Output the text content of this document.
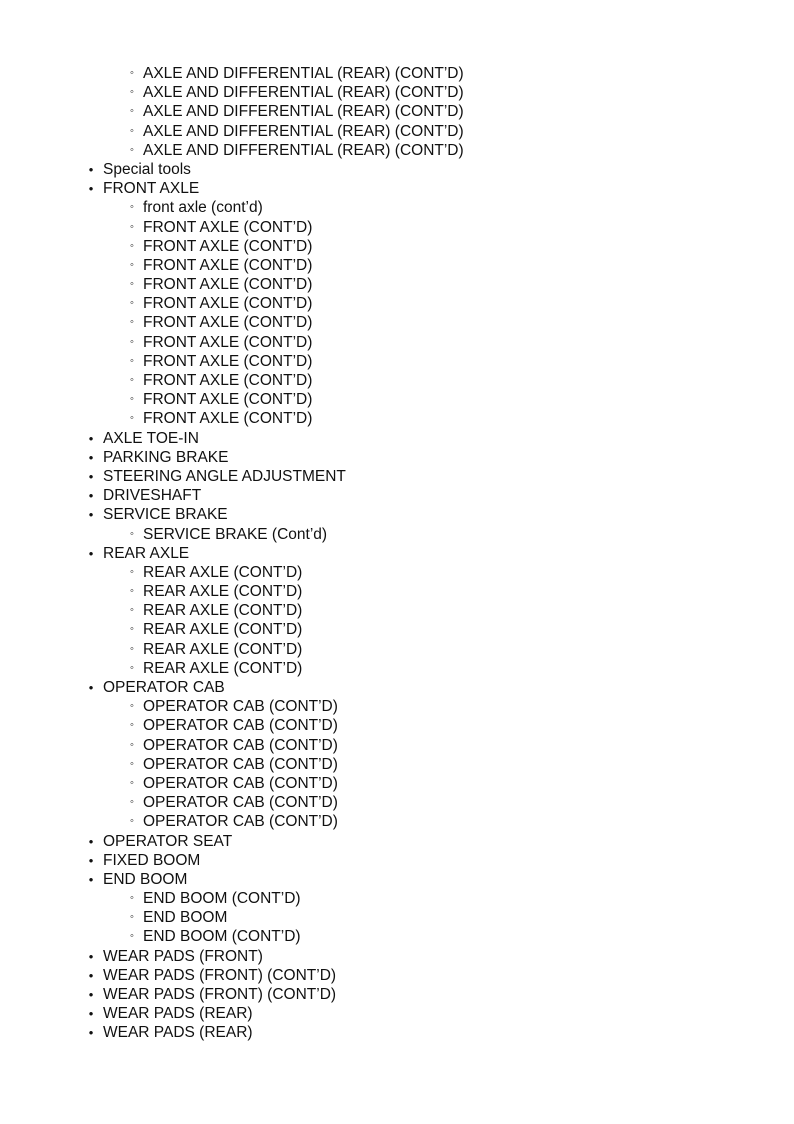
◦ AXLE AND DIFFERENTIAL (REAR) (CONT’D)
◦ AXLE AND DIFFERENTIAL (REAR) (CONT’D)
◦ AXLE AND DIFFERENTIAL (REAR) (CONT’D)
◦ AXLE AND DIFFERENTIAL (REAR) (CONT’D)
◦ AXLE AND DIFFERENTIAL (REAR) (CONT’D)
• Special tools
• FRONT AXLE
◦ front axle (cont’d)
◦ FRONT AXLE (CONT’D)
◦ FRONT AXLE (CONT’D)
◦ FRONT AXLE (CONT’D)
◦ FRONT AXLE (CONT’D)
◦ FRONT AXLE (CONT’D)
◦ FRONT AXLE (CONT’D)
◦ FRONT AXLE (CONT’D)
◦ FRONT AXLE (CONT’D)
◦ FRONT AXLE (CONT’D)
◦ FRONT AXLE (CONT’D)
◦ FRONT AXLE (CONT’D)
• AXLE TOE-IN
• PARKING BRAKE
• STEERING ANGLE ADJUSTMENT
• DRIVESHAFT
• SERVICE BRAKE
◦ SERVICE BRAKE (Cont’d)
• REAR AXLE
◦ REAR AXLE (CONT’D)
◦ REAR AXLE (CONT’D)
◦ REAR AXLE (CONT’D)
◦ REAR AXLE (CONT’D)
◦ REAR AXLE (CONT’D)
◦ REAR AXLE (CONT’D)
• OPERATOR CAB
◦ OPERATOR CAB (CONT’D)
◦ OPERATOR CAB (CONT’D)
◦ OPERATOR CAB (CONT’D)
◦ OPERATOR CAB (CONT’D)
◦ OPERATOR CAB (CONT’D)
◦ OPERATOR CAB (CONT’D)
◦ OPERATOR CAB (CONT’D)
• OPERATOR SEAT
• FIXED BOOM
• END BOOM
◦ END BOOM (CONT’D)
◦ END BOOM
◦ END BOOM (CONT’D)
• WEAR PADS (FRONT)
• WEAR PADS (FRONT) (CONT’D)
• WEAR PADS (FRONT) (CONT’D)
• WEAR PADS (REAR)
• WEAR PADS (REAR)
